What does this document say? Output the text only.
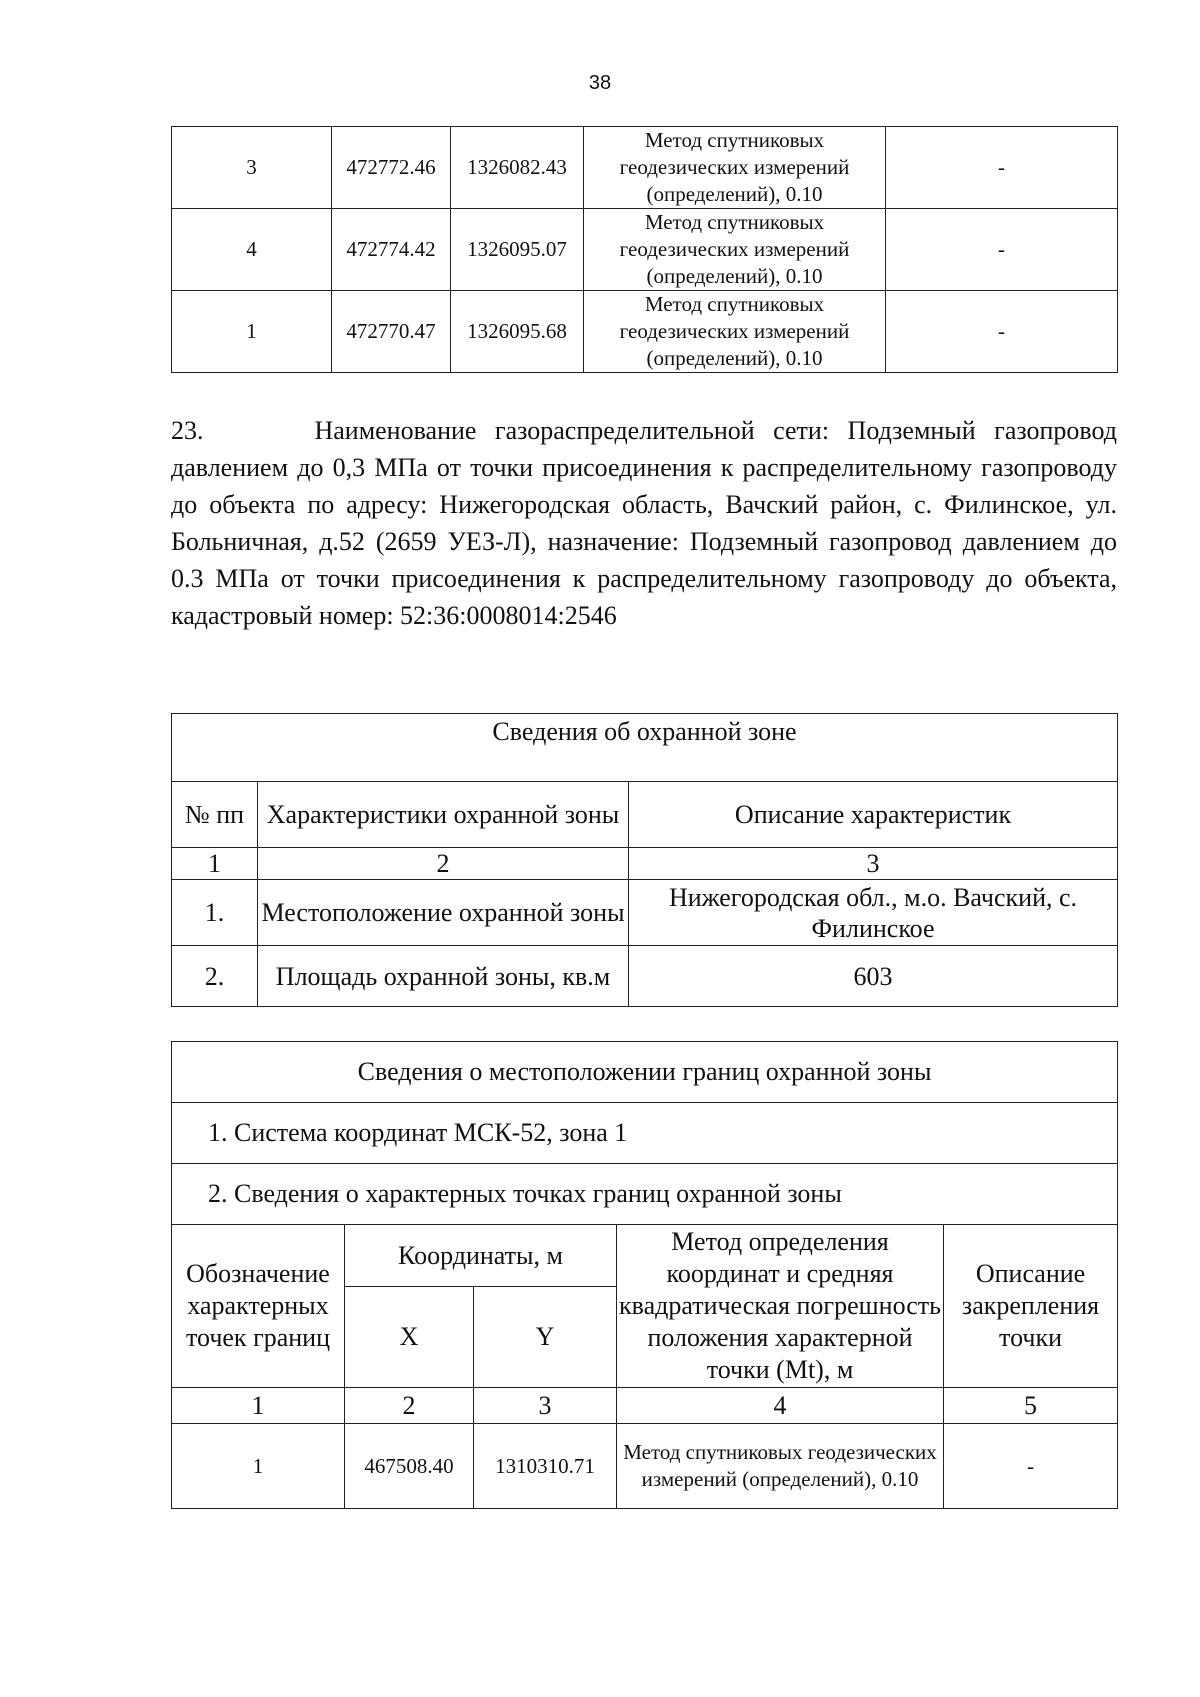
38
3	472772.46	1326082.43	Метод спутниковых геодезических измерений (определений), 0.10	-
4	472774.42	1326095.07	Метод спутниковых геодезических измерений (определений), 0.10	-
1	472770.47	1326095.68	Метод спутниковых геодезических измерений (определений), 0.10	-

23.      Наименование газораспределительной сети: Подземный газопровод давлением до 0,3 МПа от точки присоединения к распределительному газопроводу до объекта по адресу: Нижегородская область, Вачский район, с. Филинское, ул. Больничная, д.52 (2659 УЕЗ-Л), назначение: Подземный газопровод давлением до 0.3 МПа от точки присоединения к распределительному газопроводу до объекта, кадастровый номер: 52:36:0008014:2546

Сведения об охранной зоне		
№ пп	Характеристики охранной зоны	Описание характеристик
1	2	3
1.	Местоположение охранной зоны	Нижегородская обл., м.о. Вачский, с. Филинское
2.	Площадь охранной зоны, кв.м	603
Сведения о местоположении границ охранной зоны				
1. Система координат МСК-52, зона 1				
2. Сведения о характерных точках границ охранной зоны				
Обозначение характерных точек границ	Координаты, м		Метод определения координат и средняя квадратическая погрешность положения характерной точки (Mt), м	Описание закрепления точки
	X	Y		
1	2	3	4	5
1	467508.40	1310310.71	Метод спутниковых геодезических измерений (определений), 0.10	-
